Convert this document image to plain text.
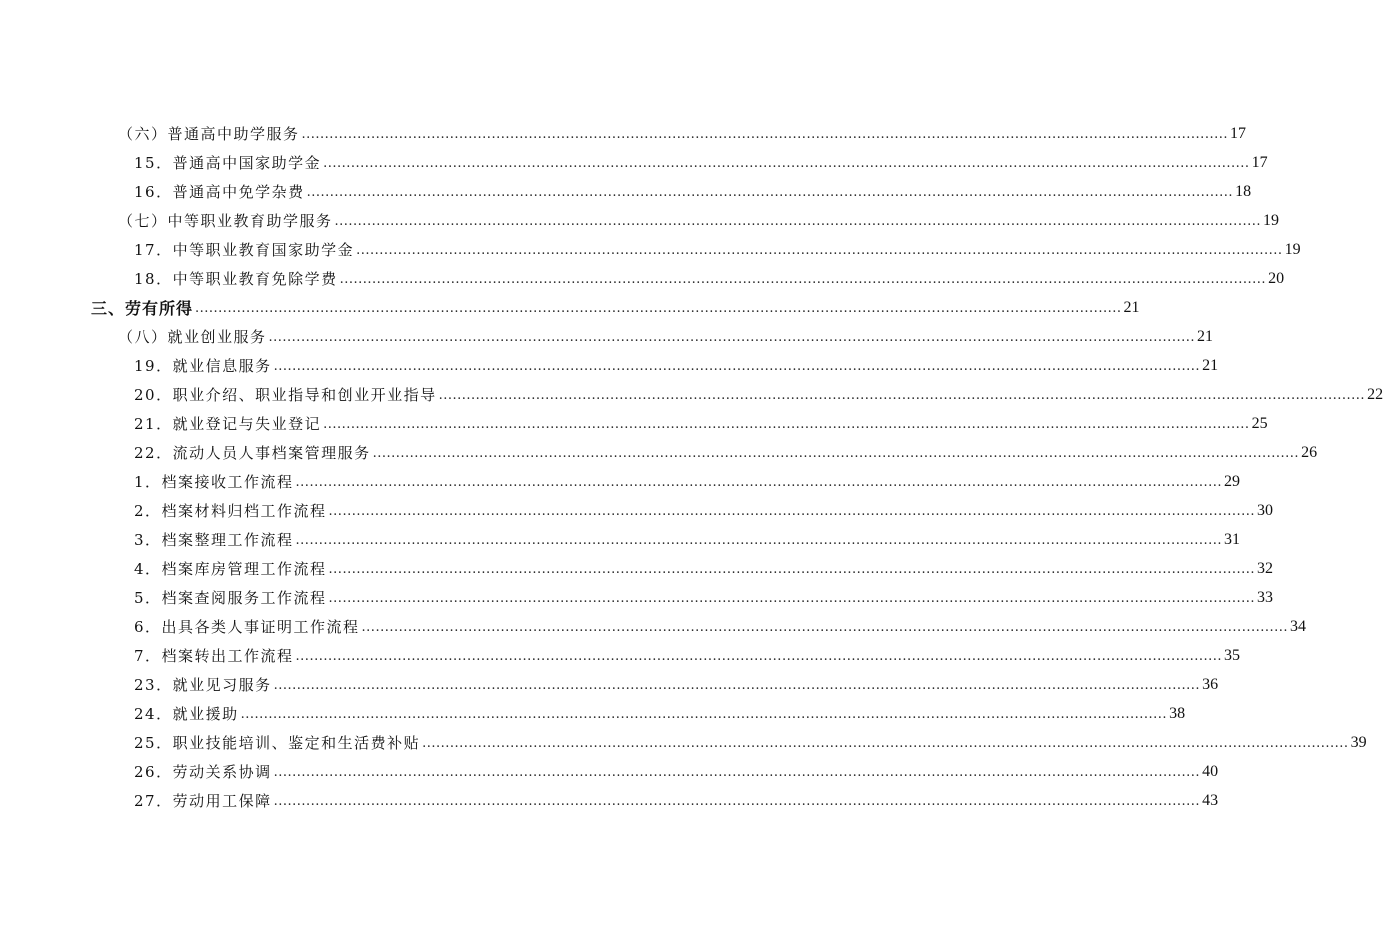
（六）普通高中助学服务 ........................................................................................................................................................................................................ 17
15．普通高中国家助学金 ........................................................................................................................................................................................................ 17
16．普通高中免学杂费 ........................................................................................................................................................................................................ 18
（七）中等职业教育助学服务 ........................................................................................................................................................................................................ 19
17．中等职业教育国家助学金 ........................................................................................................................................................................................................ 19
18．中等职业教育免除学费 ........................................................................................................................................................................................................ 20
三、劳有所得 ........................................................................................................................................................................................................ 21
（八）就业创业服务 ........................................................................................................................................................................................................ 21
19．就业信息服务 ........................................................................................................................................................................................................ 21
20．职业介绍、职业指导和创业开业指导 ........................................................................................................................................................................................................ 22
21．就业登记与失业登记 ........................................................................................................................................................................................................ 25
22．流动人员人事档案管理服务 ........................................................................................................................................................................................................ 26
1．档案接收工作流程 ........................................................................................................................................................................................................ 29
2．档案材料归档工作流程 ........................................................................................................................................................................................................ 30
3．档案整理工作流程 ........................................................................................................................................................................................................ 31
4．档案库房管理工作流程 ........................................................................................................................................................................................................ 32
5．档案查阅服务工作流程 ........................................................................................................................................................................................................ 33
6．出具各类人事证明工作流程 ........................................................................................................................................................................................................ 34
7．档案转出工作流程 ........................................................................................................................................................................................................ 35
23．就业见习服务 ........................................................................................................................................................................................................ 36
24．就业援助 ........................................................................................................................................................................................................ 38
25．职业技能培训、鉴定和生活费补贴 ........................................................................................................................................................................................................ 39
26．劳动关系协调 ........................................................................................................................................................................................................ 40
27．劳动用工保障 ........................................................................................................................................................................................................ 43
